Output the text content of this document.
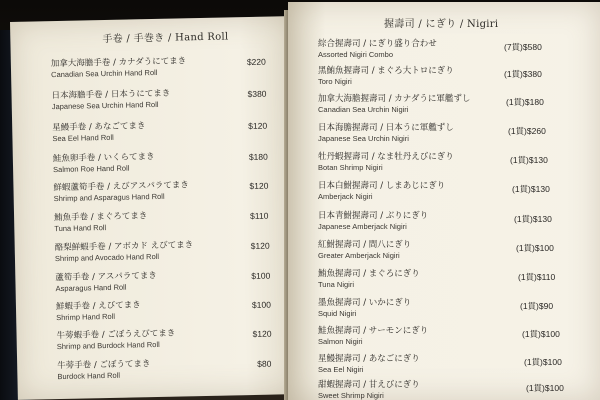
手卷 / 手巻き / Hand Roll
加拿大海膽手卷 / カナダうにてまき
Canadian Sea Urchin Hand Roll
$220
日本海膽手卷 / 日本うにてまき
Japanese Sea Urchin Hand Roll
$380
星鰻手卷 / あなごてまき
Sea Eel Hand Roll
$120
鮭魚卵手卷 / いくらてまき
Salmon Roe Hand Roll
$180
鮮蝦蘆筍手卷 / えびアスパラてまき
Shrimp and Asparagus Hand Roll
$120
鮪魚手卷 / まぐろてまき
Tuna Hand Roll
$110
酪梨鮮蝦手卷 / アボカド えびてまき
Shrimp and Avocado Hand Roll
$120
蘆筍手卷 / アスパラてまき
Asparagus Hand Roll
$100
鮮蝦手卷 / えびてまき
Shrimp Hand Roll
$100
牛蒡蝦手卷 / ごぼうえびてまき
Shrimp and Burdock Hand Roll
$120
牛蒡手卷 / ごぼうてまき
Burdock Hand Roll
$80
握壽司 / にぎり / Nigiri
綜合握壽司 / にぎり盛り合わせ
Assorted Nigiri Combo
(7貫)$580
黑鮪魚握壽司 / まぐろ大トロにぎり
Toro Nigiri
(1貫)$380
加拿大海膽握壽司 / カナダうに軍艦ずし
Canadian Sea Urchin Nigiri
(1貫)$180
日本海膽握壽司 / 日本うに軍艦ずし
Japanese Sea Urchin Nigiri
(1貫)$260
牡丹蝦握壽司 / なま牡丹えびにぎり
Botan Shrimp Nigiri
(1貫)$130
日本白鮒握壽司 / しまあじにぎり
Amberjack Nigiri
(1貫)$130
日本青鮒握壽司 / ぶりにぎり
Japanese Amberjack Nigiri
(1貫)$130
紅鮒握壽司 / 間八にぎり
Greater Amberjack Nigiri
(1貫)$100
鮪魚握壽司 / まぐろにぎり
Tuna Nigiri
(1貫)$110
墨魚握壽司 / いかにぎり
Squid Nigiri
(1貫)$90
鮭魚握壽司 / サーモンにぎり
Salmon Nigiri
(1貫)$100
星鰻握壽司 / あなごにぎり
Sea Eel Nigiri
(1貫)$100
甜蝦握壽司 / 甘えびにぎり
Sweet Shrimp Nigiri
(1貫)$100
